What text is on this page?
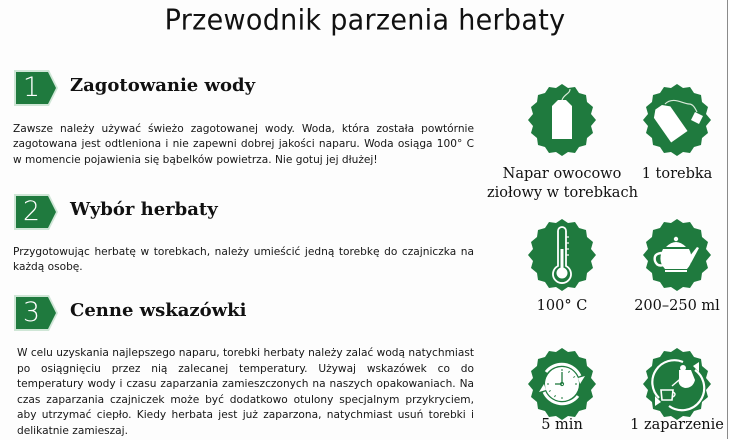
Przewodnik parzenia herbaty
1	Zagotowanie wody
Zawsze należy używać świeżo zagotowanej wody. Woda, która została powtórnie zagotowana jest odtleniona i nie zapewni dobrej jakości naparu. Woda osiąga 100° C w momencie pojawienia się bąbelków powietrza. Nie gotuj jej dłużej!
2	Wybór herbaty
Przygotowując herbatę w torebkach, należy umieścić jedną torebkę do czajniczka na każdą osobę.
3	Cenne wskazówki
W celu uzyskania najlepszego naparu, torebki herbaty należy zalać wodą natychmiast po osiągnięciu przez nią zalecanej temperatury. Używaj wskazówek co do temperatury wody i czasu zaparzania zamieszczonych na naszych opakowaniach. Na czas zaparzania czajniczek może być dodatkowo otulony specjalnym przykryciem, aby utrzymać ciepło. Kiedy herbata jest już zaparzona, natychmiast usuń torebki i delikatnie zamieszaj.
Napar owocowo
ziołowy w torebkach
1 torebka
100° C	200–250 ml
5 min	1 zaparzenie
